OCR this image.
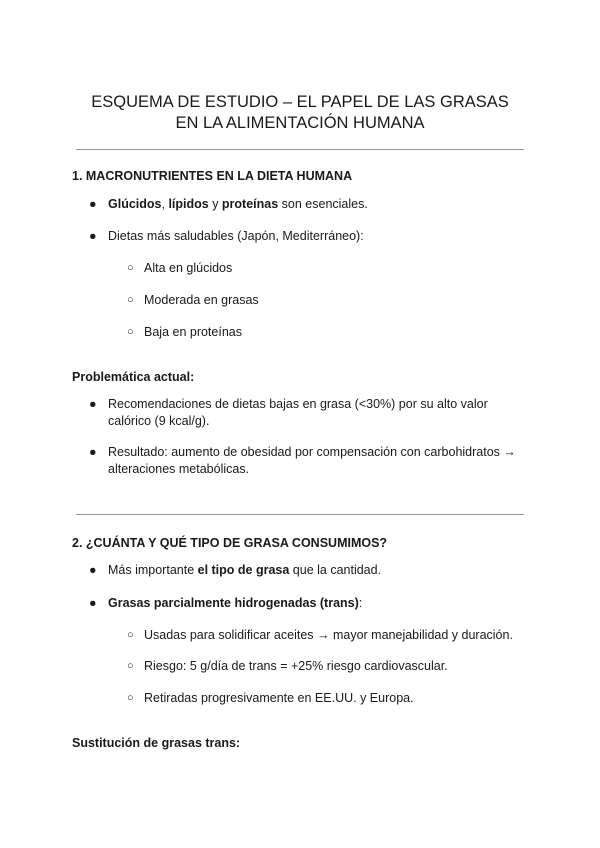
ESQUEMA DE ESTUDIO – EL PAPEL DE LAS GRASAS
EN LA ALIMENTACIÓN HUMANA
1. MACRONUTRIENTES EN LA DIETA HUMANA

● Glúcidos, lípidos y proteínas son esenciales.

● Dietas más saludables (Japón, Mediterráneo):

○ Alta en glúcidos

○ Moderada en grasas

○ Baja en proteínas

Problemática actual:

● Recomendaciones de dietas bajas en grasa (<30%) por su alto valor calórico (9 kcal/g).

● Resultado: aumento de obesidad por compensación con carbohidratos → alteraciones metabólicas.

2. ¿CUÁNTA Y QUÉ TIPO DE GRASA CONSUMIMOS?

● Más importante el tipo de grasa que la cantidad.

● Grasas parcialmente hidrogenadas (trans):

○ Usadas para solidificar aceites → mayor manejabilidad y duración.

○ Riesgo: 5 g/día de trans = +25% riesgo cardiovascular.

○ Retiradas progresivamente en EE.UU. y Europa.

Sustitución de grasas trans:
